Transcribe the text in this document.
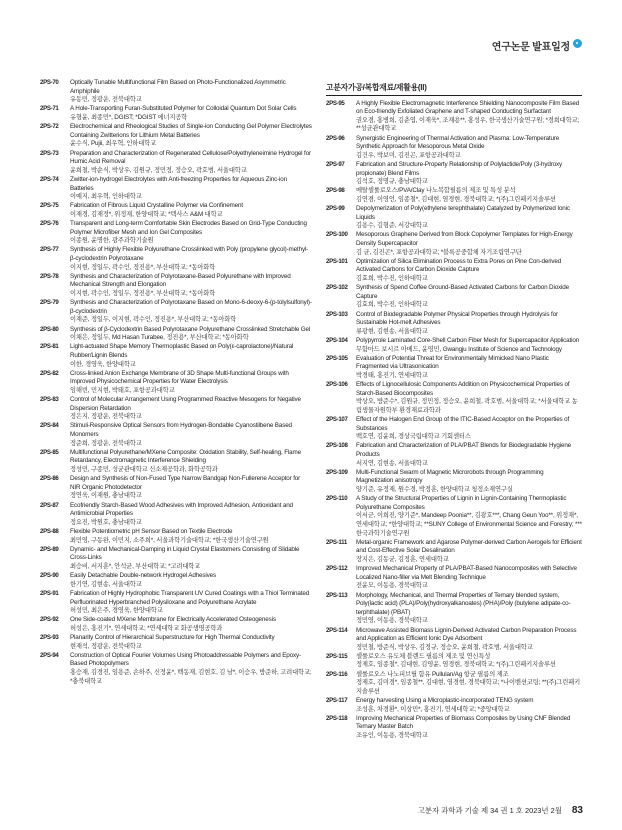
연구논문 발표일정
2PS-70	Optically Tunable Multifunctional Film Based on Photo-Functionalized Asymmetric Amphiphile
유동민, 정광운, 전북대학교
2PS-71	A Hole-Transporting Furan-Substituted Polymer for Colloidal Quantum Dot Solar Cells
유형윤, 최종민*, DGIST; *DGIST 에너지공학
2PS-72	Electrochemical and Rheological Studies of Single-ion Conducting Gel Polymer Electrolytes Containing Zwitterions for Lithium Metal Batteries
윤수식, Pujii, 최우혁, 인하대학교
2PS-73	Preparation and Characterization of Regenerated Cellulose/Polyethyleneimine Hydrogel for Humic Acid Removal
윤희철, 박순식, 박상우, 김원규, 정민정, 정승오, 곽호범, 서울대학교
2PS-74	Zwitter-ion-hydrogel Electrolytes with Anti-freezing Properties for Aqueous Zinc-ion Batteries
이예지, 최우혁, 인하대학교
2PS-75	Fabrication of Fibrous Liquid Crystalline Polymer via Confinement
이재경, 김재정*, 위정재, 한양대학교; *텍사스 A&M 대학교
2PS-76	Transparent and Long-term Comfortable Skin Electrodes Based on Grid-Type Conducting Polymer Microfiber Mesh and Ion Gel Composites
이종원, 윤명한, 광주과학기술원
2PS-77	Synthesis of Highly Flexible Polyurethane Crosslinked with Poly (propylene glycol)-methyl-β-cyclodextrin Polyrotaxane
이지현, 정일두, 곽수인, 정진용*, 부산대학교; *동아화학
2PS-78	Synthesis and Characterization of Polyrotaxane-Based Polyurethane with Improved Mechanical Strength and Elongation
이지현, 곽수인, 정일두, 정진용*, 부산대학교; *동아화학
2PS-79	Synthesis and Characterization of Polyrotaxane Based on Mono-6-deoxy-6-(p-tolylsulfonyl)-β-cyclodextrin
이재준, 정일두, 이지현, 곽수인, 정진용*, 부산대학교; *동아화학
2PS-80	Synthesis of β-Cyclodextrin Based Polyrotaxane Polyurethane Crosslinked Stretchable Gel
이채은, 정일두, Md Hasan Turabee, 정진용*, 부산대학교; *동아화학
2PS-81	Light-actuated Shape Memory Thermoplastic Based on Poly(ε-caprolactone)/Natural Rubber/Lignin Blends
이한, 경영욱, 한양대학교
2PS-82	Cross-linked Anion Exchange Membrane of 3D Shape Multi-functional Groups with Improved Physicochemical Properties for Water Electrolysis
임해빈, 민지현, 박태호, 포항공과대학교
2PS-83	Control of Molecular Arrangement Using Programmed Reactive Mesogens for Negative Dispersion Retardation
정은지, 정광운, 전북대학교
2PS-84	Stimuli-Responsive Optical Sensors from Hydrogen-Bondable Cyanostilbene Based Monomers
정준희, 정광운, 전북대학교
2PS-85	Multifunctional Polyurethane/MXene Composite: Oxidation Stability, Self-healing, Flame Retardancy, Electromagnetic Interference Shielding
정성민, 구종민, 성균관대학교 신소재공학과, 화학공학과
2PS-86	Design and Synthesis of Non-Fused Type Narrow Bandgap Non-Fullerene Acceptor for NIR Organic Photodetector
정연욱, 이재원, 충남대학교
2PS-87	Ecofriendly Starch-Based Wood Adhesives with Improved Adhesion, Antioxidant and Antimicrobial Properties
정요진, 박원호, 충남대학교
2PS-88	Flexible Potentiometric pH Sensor Based on Textile Electrode
최민영, 구동완, 이민지, 소주희*, 서울과학기술대학교; *한국생산기술연구원
2PS-89	Dynamic- and Mechanical-Damping in Liquid Crystal Elastomers Consisting of Slidable Cross-Links
최승비, 서지훈*, 안석균, 부산대학교; *고려대학교
2PS-90	Easily Detachable Double-network Hydrogel Adhesives
한기연, 김현송, 서울대학교
2PS-91	Fabrication of Highly Hydrophobic Transparent UV Cured Coatings with a Thiol Terminated Perfluorinated Hyperbranched Polysiloxane and Polyurethane Acrylate
허성민, 최은주, 경영욱, 한양대학교
2PS-92	One Side-coated MXene Membrane for Electrically Accelerated Osteogenesis
허성은, 홍진기*, 연세대학교; *연세대학교 화공생명공학과
2PS-93	Planarity Control of Hierarchical Superstructure for High Thermal Conductivity
현재석, 정광운, 전북대학교
2PS-94	Construction of Optical Fourier Volumes Using Photoaddressable Polymers and Epoxy-Based Photopolymers
홍승재, 김경진, 임용준, 손하주, 신정윤*, 백동재, 김현호, 김 남*, 이승우, 방준하, 고려대학교; *충북대학교
고분자가공/복합재료/재활용(II)
2PS-95	A Highly Flexible Electromagnetic Interference Shielding Nanocomposite Film Based on Eco-friendly Exfoliated Graphene and T-shaped Conducting Surfactant
권오겸, 홍병희, 김춘엽, 이재욱*, 조재용**, 홍성우, 한국생산기술연구원; *경희대학교; **성균관대학교
2PS-96	Synergistic Engineering of Thermal Activation and Plasma: Low-Temperature Synthetic Approach for Mesoporous Metal Oxide
김건우, 박보미, 김진곤, 포항공과대학교
2PS-97	Fabrication and Structure-Property Relationship of Polylactide/Poly (3-hydroxy propionate) Blend Films
김석호, 정명규, 충남대학교
2PS-98	메탈셀룰로오스/PVA/Clay 나노복합필름의 제조 및 특성 분석
김연겸, 이영언, 임종철*, 김대현, 염경현, 경북대학교; *(주)그린패키지솔루션
2PS-99	Depolymerization of Poly(ethylene terephthalate) Catalyzed by Polymerized Ionic Liquids
김용수, 김형준, 서강대학교
2PS-100	Mesoporous Graphene Derived from Block Copolymer Templates for High-Energy Density Supercapacitor
김 균, 김진곤*, 포항공과대학교; *블록공중합체 자기조립연구단
2PS-101	Optimization of Silica Elimination Process to Extra Pores on Pine Con-derived Activated Carbons for Carbon Dioxide Capture
김효희, 박수진, 인하대학교
2PS-102	Synthesis of Spend Coffee Ground-Based Activated Carbons for Carbon Dioxide Capture
김효희, 박수진, 인하대학교
2PS-103	Control of Biodegradable Polymer Physical Properties through Hydrolysis for Sustainable Hot-melt Adhesives
류광현, 김현송, 서울대학교
2PS-104	Polypyrrole Laminated Core-Shell Carbon Fiber Mesh for Supercapacitor Application
무함마드 보시르 아메드, 윤영민, Gwangju Institute of Science and Technology
2PS-105	Evaluation of Potential Threat for Environmentally Mimicked Nano Plastic Fragmented via Ultrasonication
박경태, 홍진기, 연세대학교
2PS-106	Effects of Lignocellulosic Components Addition on Physicochemical Properties of Starch-Based Biocomposites
박상오, 방준수*, 김원규, 정민정, 정승오, 윤희철, 곽호범, 서울대학교; *서울대학교 농림생물자원학부 환경재료과학과
2PS-107	Effect of the Halogen End Group of the ITIC-Based Acceptor on the Properties of Substances
백호연, 김윤희, 경상국립대학교 기회센터스
2PS-108	Fabrication and Characterization of PLA/PBAT Blends for Biodegradable Hygiene Products
서지연, 김현송, 서울대학교
2PS-109	Multi-Functional Swarm of Magnetic Microrobots through Programming Magnetization anisotropy
양기준, 유정재, 원수경, 박정훈, 한양대학교 청정소재연구실
2PS-110	A Study of the Structural Properties of Lignin in Lignin-Containing Thermoplastic Polyurethane Composites
이서군, 이희진, 양기준*, Mandeep Poonia**, 김광호***, Chang Geun Yoo**, 위정재*, 연세대학교; *한양대학교; **SUNY College of Environmental Science and Forestry; ***한국과학기술연구원
2PS-111	Metal-organic Framework and Agarose Polymer-derived Carbon Aerogels for Efficient and Cost-Effective Solar Desalination
장지은, 김동균, 김정훈, 연세대학교
2PS-112	Improved Mechanical Property of PLA/PBAT-Based Nanocomposites with Selective Localized Nano-filler via Melt Blending Technique
전윤모, 이동용, 경북대학교
2PS-113	Morphology, Mechanical, and Thermal Properties of Ternary blended system, Poly(lactic acid) (PLA)/Poly(hydroxyalkanoates) (PHA)/Poly (butylene adipate-co-terphthalate) (PBAT)
정민영, 이동용, 경북대학교
2PS-114	Microwave Assisted Biomass Lignin-Derived Activated Carbon Preparation Process and Application as Efficient Ionic Dye Adsorbent
정민철, 방준식, 박상우, 김정규, 정승오, 윤희철, 곽호범, 서울대학교
2PS-115	셀룰로오스 유도체 블렌드 필름의 제조 및 연신특성
정제호, 임종철*, 김대현, 김영윤, 염경현, 경북대학교; *(주)그린패키지솔루션
2PS-116	셀룰로오스 나노피브릴 함유 Pullulan/Ag 항균 필름의 제조
정제호, 김미경*, 임종철**, 김대현, 염경현, 경북대학교; *나이벤션코팅; **(주)그린패키지솔루션
2PS-117	Energy harvesting Using a Microplastic-incorporated TENG system
조성훈, 차경환*, 이상민*, 홍진기, 연세대학교; *중앙대학교
2PS-118	Improving Mechanical Properties of Biomass Composites by Using CNF Blended Ternary Master Batch
조유인, 이동용, 경북대학교
고분자 과학과 기술 제 34 권 1 호 2023년 2월 83
